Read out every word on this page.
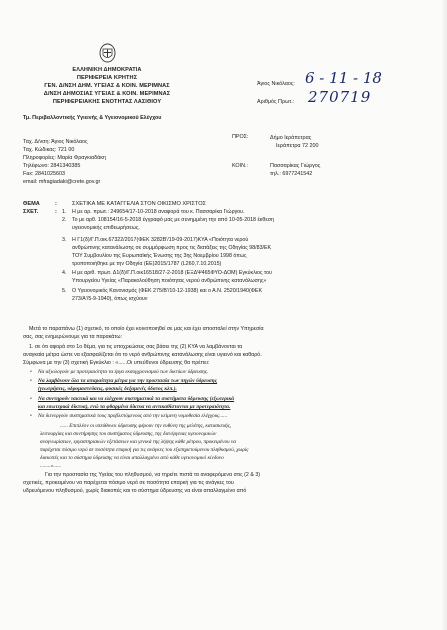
ΕΛΛΗΝΙΚΗ ΔΗΜΟΚΡΑΤΙΑ
ΠΕΡΙΦΕΡΕΙΑ ΚΡΗΤΗΣ
ΓΕΝ. Δ/ΝΣΗ ΔΗΜ. ΥΓΕΙΑΣ & ΚΟΙΝ. ΜΕΡΙΜΝΑΣ
Δ/ΝΣΗ ΔΗΜΟΣΙΑΣ ΥΓΕΙΑΣ & ΚΟΙΝ. ΜΕΡΙΜΝΑΣ
ΠΕΡΙΦΕΡΕΙΑΚΗΣ ΕΝΟΤΗΤΑΣ ΛΑΣΙΘΙΟΥ
Τμ. Περιβαλλοντικής Υγιεινής & Υγειονομικού Ελέγχου
Άγιος Νικόλαος: 6 - 11 - 18
Αριθμός Πρωτ.: 270719
Ταχ. Δ/νση: Άγιος Νικόλαος
Ταχ. Κώδικας: 721 00
Πληροφορίες: Μαρία Φραγκιαδάκη
Τηλέφωνο: 2841340385
Fax: 2841025603
email: mfragiadaki@crete.gov.gr
ΠΡΟΣ:	Δήμο Ιεράπετρας
Ιεράπετρα 72 200
ΚΟΙΝ.:	Πασσαρίκας Γιώργος
τηλ.: 6977241542
ΘΕΜΑ	:	ΣΧΕΤΙΚΑ ΜΕ ΚΑΤΑΓΓΕΛΙΑ ΣΤΟΝ ΟΙΚΙΣΜΟ ΧΡΙΣΤΟΣ
ΣΧΕΤ.	: 1. Η με αρ. πρωτ.: 249654/17-10-2018 αναφορά του κ. Πασσαρίκα Γιώργου.
2. Το με αρθ. 108154/16-5-2018 έγγραφό μας με συνημμένη την από 10-05-2018 έκθεση
υγειονομικής επιθεωρήσεως.
3. Η Γ1(δ)/Γ.Π.οικ.67322/2017(ΦΕΚ 3282Β'/19-09-2017)ΚΥΑ «Ποιότητα νερού
ανθρώπινης κατανάλωσης σε συμμόρφωση προς τις διατάξεις της Οδηγίας 98/83/ΕΚ
ΤΟΥ Συμβουλίου της Ευρωπαϊκής Ένωσης της 3ης Νοεμβρίου 1998 όπως
τροποποιήθηκε με την Οδηγία (ΕΕ)2015/1787 (L260,7.10.2015)
4. Η με αριθ. πρωτ. Δ1(δ)/Γ.Π.οικ16518/27-2-2018 (ΕΞΔΨ465ΦΥΟ-ΔΟΜ) Εγκύκλιος του
Υπουργείου Υγείας «Παρακολούθηση ποιότητας νερού ανθρώπινης κατανάλωσης»
5. Ο Υγειονομικός Κανονισμός (ΦΕΚ 275/Β'/10-12-1938) και ο Α.Ν. 2520/1940(ΦΕΚ
273/Α'/5-9-1940), όπως ισχύουν
Μετά το παραπάνω (1) σχετικό, το οποίο έχει κοινοποιηθεί σε μας και έχει αποσταλεί στην Υπηρεσία
σας, σας ενημερώνουμε για τα παρακάτω:
1. σε ότι αφορά στο 1ο θέμα, για τις υποχρεώσεις σας βάσει της (2) ΚΥΑ να λαμβάνονται τα
αναγκαία μέτρα ώστε να εξασφαλίζεται ότι το νερό ανθρώπινης κατανάλωσης είναι υγιεινό και καθαρό.
Σύμφωνα με την (3) σχετική Εγκύκλιο : «......Οι υπεύθυνοι ύδρευσης θα πρέπει:
• Να αξιολογούν με προτεραιότητα τα έργα εκσυγχρονισμού των δικτύων ύδρευσης.
• Να λαμβάνουν όλα τα απαραίτητα μέτρα για την προστασία των πηγών ύδρευσης
(γεωτρήσεις, υδρομαστεύσεις, φυσικές δεξαμενές ύδατος κλπ.).
• Να συντηρούν τακτικά και να ελέγχουν συστηματικά τα συστήματα ύδρευσης (εξωτερικά
και εσωτερικά δίκτυα), ενώ τα φθαρμένα δίκτυα να αντικαθίστανται με προτεραιότητα.
• Να διενεργούν συστηματικά τους προβλεπόμενους από την κείμενη νομοθεσία ελέγχους......
...... Επιπλέον οι υπεύθυνοι ύδρευσης φέρουν την ευθύνη της μελέτης, κατασκευής,
λειτουργίας και συντήρησης του συστήματος ύδρευσης, της διενέργειας υγειονομικών
αναγνωρίσεων, εργαστηριακών εξετάσεων και γενικά της λήψης κάθε μέτρου, προκειμένου να
παρέχεται πόσιμο νερό σε ποσότητα επαρκή για τις ανάγκες του εξυπηρετούμενου πληθυσμού, χωρίς
διακοπές και το σύστημα ύδρευσης να είναι απαλλαγμένο από κάθε υγειονομικό κίνδυνο
........»......
Για την προστασία της Υγείας του πληθυσμού, να τηρείτε πιστά τα αναφερόμενα στις (2 & 3)
σχετικές, προκειμένου να παρέχεται πόσιμο νερό σε ποσότητα επαρκή για τις ανάγκες του
υδρευόμενου πληθυσμού, χωρίς διακοπές και το σύστημα ύδρευσης να είναι απαλλαγμένο από
